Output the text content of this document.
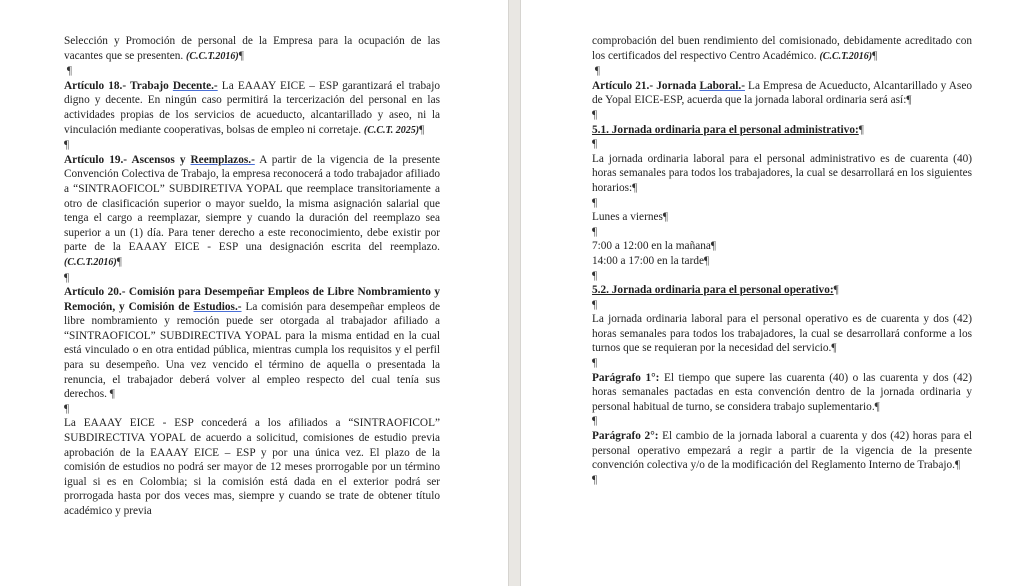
Selección y Promoción de personal de la Empresa para la ocupación de las vacantes que se presenten. (C.C.T.2016)¶

¶

Artículo 18.- Trabajo Decente.- La EAAAY EICE – ESP garantizará el trabajo digno y decente. En ningún caso permitirá la tercerización del personal en las actividades propias de los servicios de acueducto, alcantarillado y aseo, ni la vinculación mediante cooperativas, bolsas de empleo ni corretaje. (C.C.T. 2025)¶

¶

Artículo 19.- Ascensos y Reemplazos.- A partir de la vigencia de la presente Convención Colectiva de Trabajo, la empresa reconocerá a todo trabajador afiliado a “SINTRAOFICOL” SUBDIRETIVA YOPAL que reemplace transitoriamente a otro de clasificación superior o mayor sueldo, la misma asignación salarial que tenga el cargo a reemplazar, siempre y cuando la duración del reemplazo sea superior a un (1) día. Para tener derecho a este reconocimiento, debe existir por parte de la EAAAY EICE - ESP una designación escrita del reemplazo. (C.C.T.2016)¶

¶

Artículo 20.- Comisión para Desempeñar Empleos de Libre Nombramiento y Remoción, y Comisión de Estudios.- La comisión para desempeñar empleos de libre nombramiento y remoción puede ser otorgada al trabajador afiliado a “SINTRAOFICOL” SUBDIRECTIVA YOPAL para la misma entidad en la cual está vinculado o en otra entidad pública, mientras cumpla los requisitos y el perfil para su desempeño. Una vez vencido el término de aquella o presentada la renuncia, el trabajador deberá volver al empleo respecto del cual tenía sus derechos. ¶

¶

La EAAAY EICE - ESP concederá a los afiliados a “SINTRAOFICOL” SUBDIRECTIVA YOPAL de acuerdo a solicitud, comisiones de estudio previa aprobación de la EAAAY EICE – ESP y por una única vez. El plazo de la comisión de estudios no podrá ser mayor de 12 meses prorrogable por un término igual si es en Colombia; si la comisión está dada en el exterior podrá ser prorrogada hasta por dos veces mas, siempre y cuando se trate de obtener título académico y previa

comprobación del buen rendimiento del comisionado, debidamente acreditado con los certificados del respectivo Centro Académico. (C.C.T.2016)¶

¶

Artículo 21.- Jornada Laboral.- La Empresa de Acueducto, Alcantarillado y Aseo de Yopal EICE-ESP, acuerda que la jornada laboral ordinaria será así:¶

¶

5.1. Jornada ordinaria para el personal administrativo:¶

¶

La jornada ordinaria laboral para el personal administrativo es de cuarenta (40) horas semanales para todos los trabajadores, la cual se desarrollará en los siguientes horarios:¶

¶

Lunes a viernes¶

¶

7:00 a 12:00 en la mañana¶

14:00 a 17:00 en la tarde¶

¶

5.2. Jornada ordinaria para el personal operativo:¶

¶

La jornada ordinaria laboral para el personal operativo es de cuarenta y dos (42) horas semanales para todos los trabajadores, la cual se desarrollará conforme a los turnos que se requieran por la necesidad del servicio.¶

¶

Parágrafo 1°: El tiempo que supere las cuarenta (40) o las cuarenta y dos (42) horas semanales pactadas en esta convención dentro de la jornada ordinaria y personal habitual de turno, se considera trabajo suplementario.¶

¶

Parágrafo 2°: El cambio de la jornada laboral a cuarenta y dos (42) horas para el personal operativo empezará a regir a partir de la vigencia de la presente convención colectiva y/o de la modificación del Reglamento Interno de Trabajo.¶

¶
